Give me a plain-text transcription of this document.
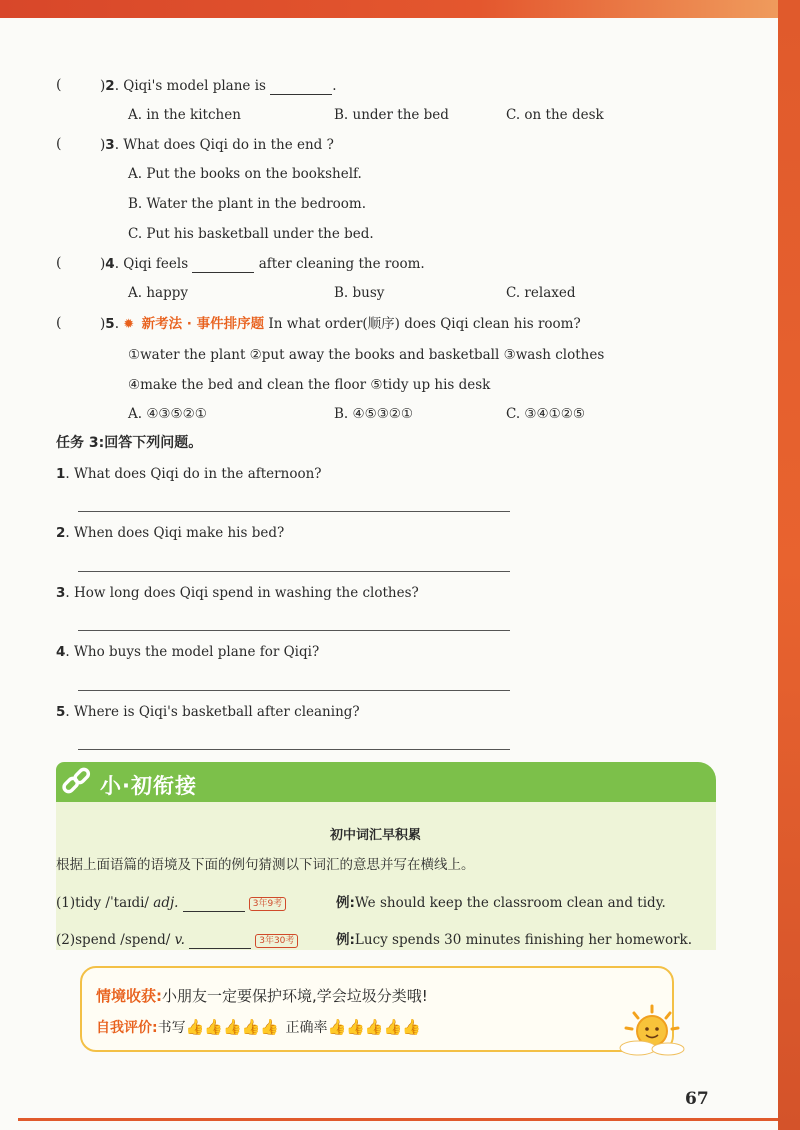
(	)2. Qiqi's model plane is	.
A. in the kitchen	B. under the bed	C. on the desk
(	)3. What does Qiqi do in the end ?
A. Put the books on the bookshelf.
B. Water the plant in the bedroom.
C. Put his basketball under the bed.
(	)4. Qiqi feels	after cleaning the room.
A. happy	B. busy	C. relaxed
(	)5. ✹ 新考法 · 事件排序题 In what order(顺序) does Qiqi clean his room?
①water the plant ②put away the books and basketball ③wash clothes
④make the bed and clean the floor ⑤tidy up his desk
A. ④③⑤②①	B. ④⑤③②①	C. ③④①②⑤
任务 3:回答下列问题。
1. What does Qiqi do in the afternoon?
2. When does Qiqi make his bed?
3. How long does Qiqi spend in washing the clothes?
4. Who buys the model plane for Qiqi?
5. Where is Qiqi's basketball after cleaning?
小·初衔接
初中词汇早积累
根据上面语篇的语境及下面的例句猜测以下词汇的意思并写在横线上。
(1)tidy /ˈtaɪdi/ adj.	3年9考	例:We should keep the classroom clean and tidy.
(2)spend /spend/ v.	3年30考	例:Lucy spends 30 minutes finishing her homework.
情境收获:小朋友一定要保护环境,学会垃圾分类哦!
自我评价:书写👍👍👍👍👍 正确率👍👍👍👍👍
67
